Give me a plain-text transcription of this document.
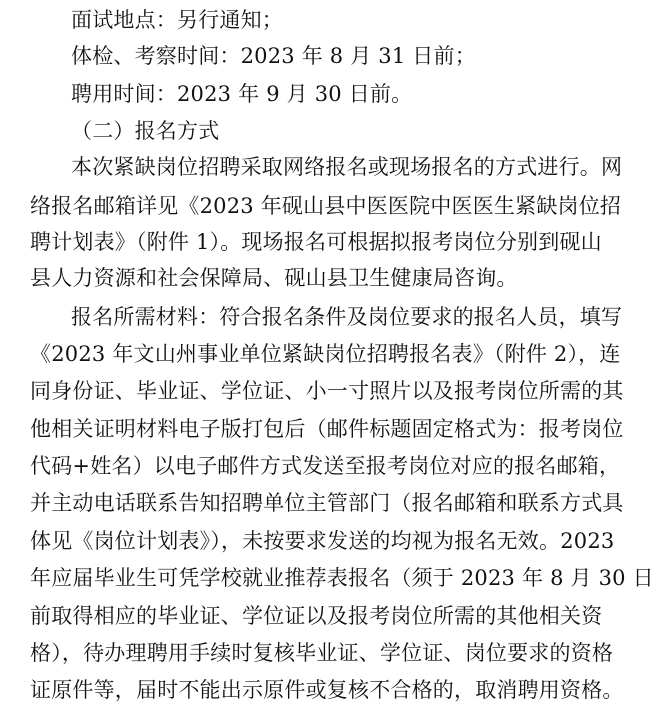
面试地点：另行通知；
体检、考察时间：2023 年 8 月 31 日前；
聘用时间：2023 年 9 月 30 日前。
（二）报名方式
本次紧缺岗位招聘采取网络报名或现场报名的方式进行。网
络报名邮箱详见《2023 年砚山县中医医院中医医生紧缺岗位招
聘计划表》（附件 1）。现场报名可根据拟报考岗位分别到砚山
县人力资源和社会保障局、砚山县卫生健康局咨询。
报名所需材料：符合报名条件及岗位要求的报名人员，填写
《2023 年文山州事业单位紧缺岗位招聘报名表》（附件 2），连
同身份证、毕业证、学位证、小一寸照片以及报考岗位所需的其
他相关证明材料电子版打包后（邮件标题固定格式为：报考岗位
代码+姓名）以电子邮件方式发送至报考岗位对应的报名邮箱，
并主动电话联系告知招聘单位主管部门（报名邮箱和联系方式具
体见《岗位计划表》），未按要求发送的均视为报名无效。2023
年应届毕业生可凭学校就业推荐表报名（须于 2023 年 8 月 30 日
前取得相应的毕业证、学位证以及报考岗位所需的其他相关资
格），待办理聘用手续时复核毕业证、学位证、岗位要求的资格
证原件等，届时不能出示原件或复核不合格的，取消聘用资格。
